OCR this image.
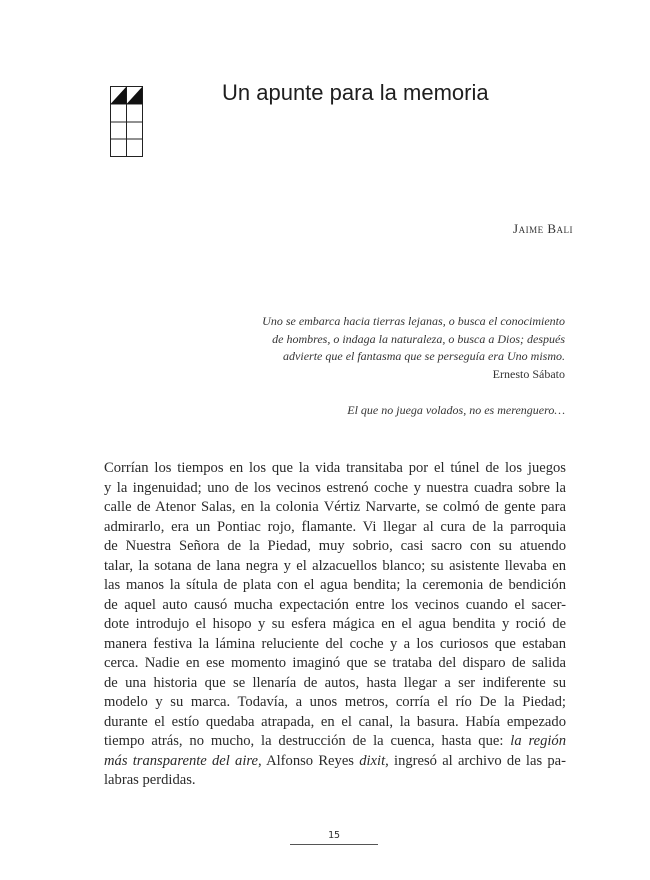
Un apunte para la memoria
Jaime Bali
Uno se embarca hacia tierras lejanas, o busca el conocimiento
de hombres, o indaga la naturaleza, o busca a Dios; después
advierte que el fantasma que se perseguía era Uno mismo.
Ernesto Sábato
El que no juega volados, no es merenguero…
Corrían los tiempos en los que la vida transitaba por el túnel de los juegos
y la ingenuidad; uno de los vecinos estrenó coche y nuestra cuadra sobre la
calle de Atenor Salas, en la colonia Vértiz Narvarte, se colmó de gente para
admirarlo, era un Pontiac rojo, flamante. Vi llegar al cura de la parroquia
de Nuestra Señora de la Piedad, muy sobrio, casi sacro con su atuendo
talar, la sotana de lana negra y el alzacuellos blanco; su asistente llevaba en
las manos la sítula de plata con el agua bendita; la ceremonia de bendición
de aquel auto causó mucha expectación entre los vecinos cuando el sacer-
dote introdujo el hisopo y su esfera mágica en el agua bendita y roció de
manera festiva la lámina reluciente del coche y a los curiosos que estaban
cerca. Nadie en ese momento imaginó que se trataba del disparo de salida
de una historia que se llenaría de autos, hasta llegar a ser indiferente su
modelo y su marca. Todavía, a unos metros, corría el río De la Piedad;
durante el estío quedaba atrapada, en el canal, la basura. Había empezado
tiempo atrás, no mucho, la destrucción de la cuenca, hasta que: la región
más transparente del aire, Alfonso Reyes dixit, ingresó al archivo de las pa-
labras perdidas.
15
